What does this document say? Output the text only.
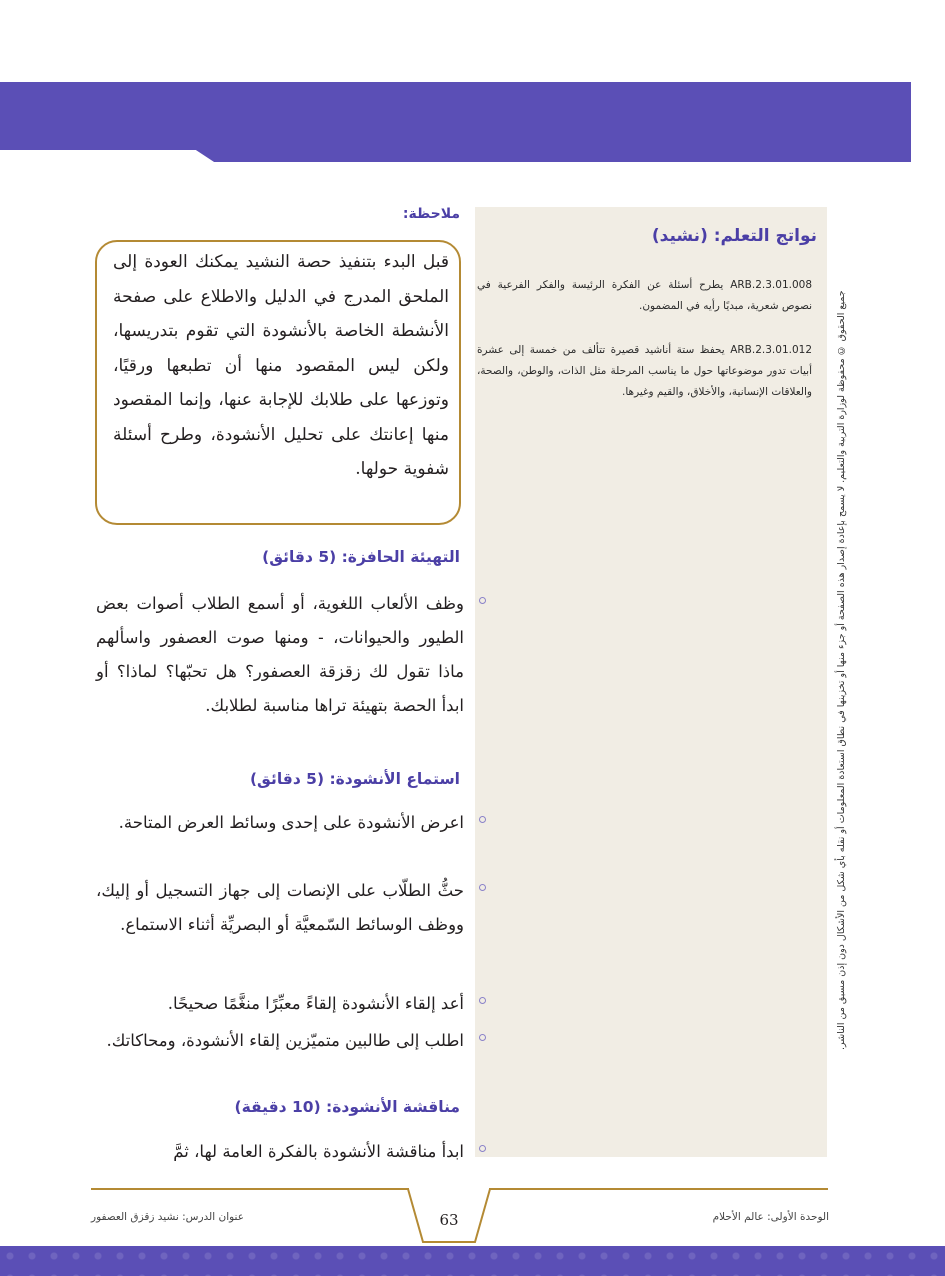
جميع الحقوق © محفوظة لوزارة التربية والتعليم. لا يسمح بإعادة إصدار هذه الصفحة أو جزء منها أو تخزينها في نطاق استعادة المعلومات أو نقله بأي شكل من الأشكال دون إذن مسبق من الناشر.
نواتج التعلم: (نشيد)
ARB.2.3.01.008 يطرح أسئلة عن الفكرة الرئيسة والفكر الفرعية في نصوص شعرية، مبديًا رأيه في المضمون.
ARB.2.3.01.012 يحفظ ستة أناشيد قصيرة تتألف من خمسة إلى عشرة أبيات تدور موضوعاتها حول ما يناسب المرحلة مثل الذات، والوطن، والصحة، والعلاقات الإنسانية، والأخلاق، والقيم وغيرها.
ملاحظة:
قبل البدء بتنفيذ حصة النشيد يمكنك العودة إلى الملحق المدرج في الدليل والاطلاع على صفحة الأنشطة الخاصة بالأنشودة التي تقوم بتدريسها، ولكن ليس المقصود منها أن تطبعها ورقيًا، وتوزعها على طلابك للإجابة عنها، وإنما المقصود منها إعانتك على تحليل الأنشودة، وطرح أسئلة شفوية حولها.
التهيئة الحافزة: (5 دقائق)
وظف الألعاب اللغوية، أو أسمع الطلاب أصوات بعض الطيور والحيوانات، - ومنها صوت العصفور واسألهم ماذا تقول لك زقزقة العصفور؟ هل تحبّها؟ لماذا؟ أو ابدأ الحصة بتهيئة تراها مناسبة لطلابك.
استماع الأنشودة: (5 دقائق)
اعرض الأنشودة على إحدى وسائط العرض المتاحة.
حثُّ الطلّاب على الإنصات إلى جهاز التسجيل أو إليك، ووظف الوسائط السّمعيَّة أو البصريِّة أثناء الاستماع.
أعد إلقاء الأنشودة إلقاءً معبِّرًا منغَّمًا صحيحًا.
اطلب إلى طالبين متميّزين إلقاء الأنشودة، ومحاكاتك.
مناقشة الأنشودة: (10 دقيقة)
ابدأ مناقشة الأنشودة بالفكرة العامة لها، ثمَّ
63
عنوان الدرس: نشيد زقزق العصفور	الوحدة الأولى: عالم الأحلام
